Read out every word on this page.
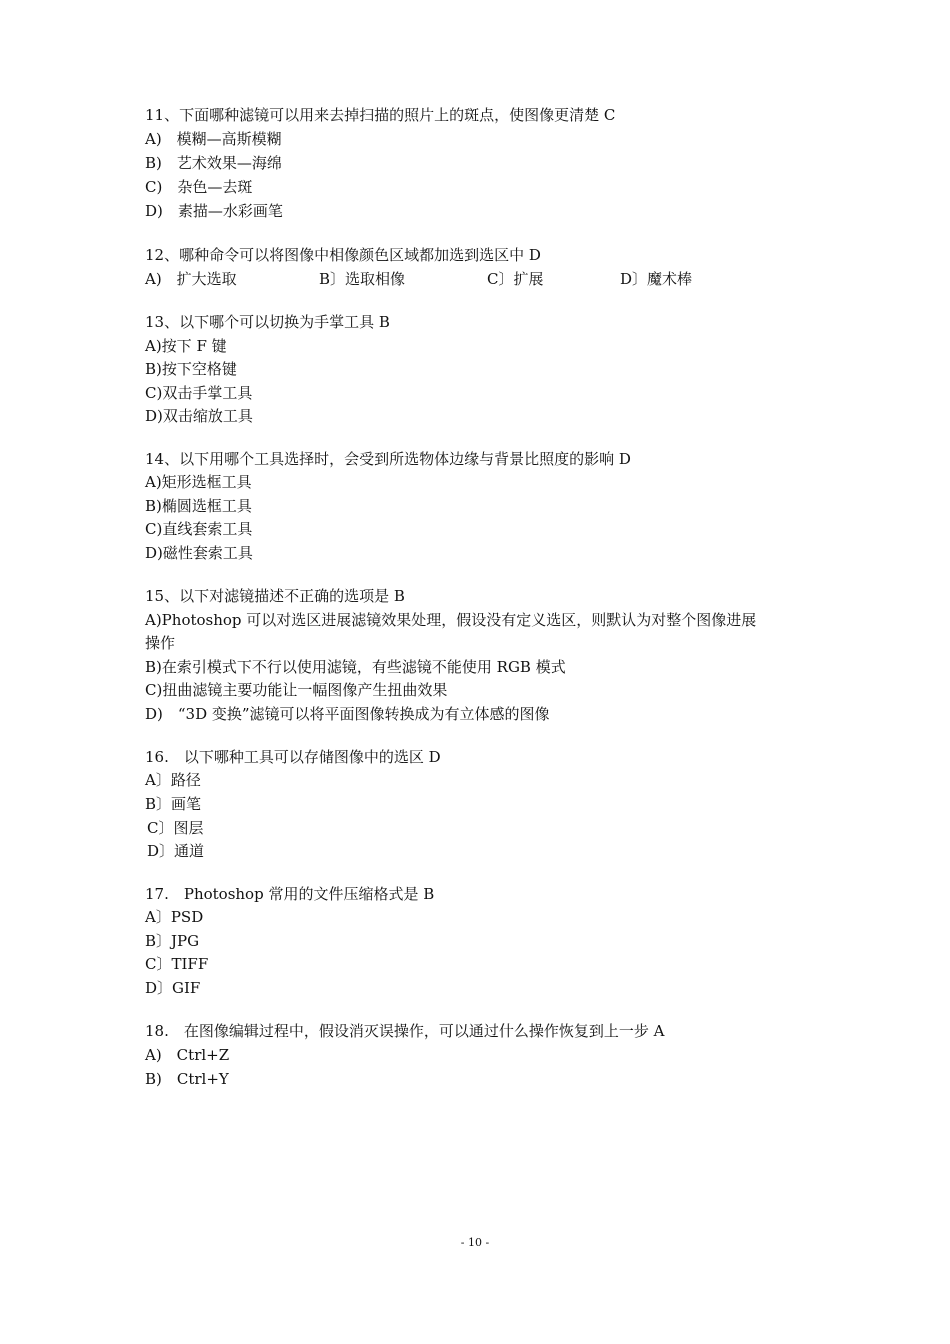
11、下面哪种滤镜可以用来去掉扫描的照片上的斑点，使图像更清楚 C
A)　模糊—高斯模糊
B)　艺术效果—海绵
C)　杂色—去斑
D)　素描—水彩画笔
12、哪种命令可以将图像中相像颜色区域都加选到选区中 D
A)　扩大选取	B〕选取相像	C〕扩展	D〕魔术棒
13、以下哪个可以切换为手掌工具 B
A)按下 F 键
B)按下空格键
C)双击手掌工具
D)双击缩放工具
14、以下用哪个工具选择时，会受到所选物体边缘与背景比照度的影响 D
A)矩形选框工具
B)椭圆选框工具
C)直线套索工具
D)磁性套索工具
15、以下对滤镜描述不正确的选项是 B
A)Photoshop 可以对选区进展滤镜效果处理，假设没有定义选区，则默认为对整个图像进展
操作
B)在索引模式下不行以使用滤镜，有些滤镜不能使用 RGB 模式
C)扭曲滤镜主要功能让一幅图像产生扭曲效果
D)　“3D 变换”滤镜可以将平面图像转换成为有立体感的图像
16.　以下哪种工具可以存储图像中的选区 D
A〕路径
B〕画笔
C〕图层
D〕通道
17.　Photoshop 常用的文件压缩格式是 B
A〕PSD
B〕JPG
C〕TIFF
D〕GIF
18.　在图像编辑过程中，假设消灭误操作，可以通过什么操作恢复到上一步 A
A)　Ctrl+Z
B)　Ctrl+Y
- 10 -
